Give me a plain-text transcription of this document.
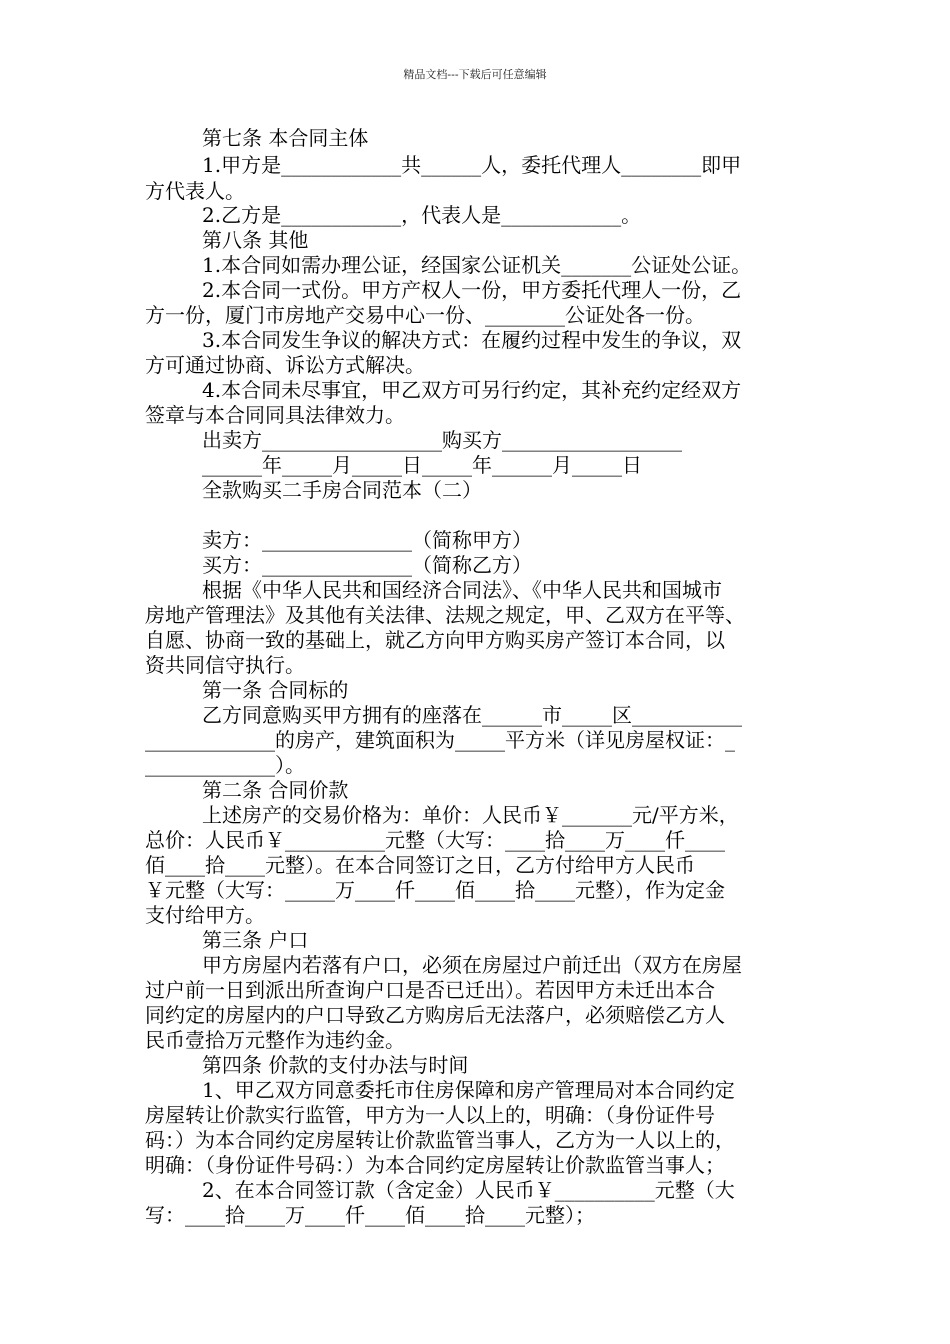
精品文档---下载后可任意编辑
第七条 本合同主体
1.甲方是____________共______人，委托代理人________即甲
方代表人。
2.乙方是____________，代表人是____________。
第八条 其他
1.本合同如需办理公证，经国家公证机关_______公证处公证。
2.本合同一式份。甲方产权人一份，甲方委托代理人一份，乙
方一份，厦门市房地产交易中心一份、________公证处各一份。
3.本合同发生争议的解决方式：在履约过程中发生的争议，双
方可通过协商、诉讼方式解决。
4.本合同未尽事宜，甲乙双方可另行约定，其补充约定经双方
签章与本合同同具法律效力。
出卖方__________________购买方__________________
______年_____月_____日_____年______月_____日
全款购买二手房合同范本（二）
卖方：_______________（简称甲方）
买方：_______________（简称乙方）
根据《中华人民共和国经济合同法》、《中华人民共和国城市
房地产管理法》及其他有关法律、法规之规定，甲、乙双方在平等、
自愿、协商一致的基础上，就乙方向甲方购买房产签订本合同，以
资共同信守执行。
第一条 合同标的
乙方同意购买甲方拥有的座落在______市_____区___________
_____________的房产，建筑面积为_____平方米（详见房屋权证：_
_____________）。
第二条 合同价款
上述房产的交易价格为：单价：人民币￥_______元/平方米，
总价：人民币￥__________元整（大写：____拾____万____仟____
佰____拾____元整）。在本合同签订之日，乙方付给甲方人民币
￥元整（大写：_____万____仟____佰____拾____元整），作为定金
支付给甲方。
第三条 户口
甲方房屋内若落有户口，必须在房屋过户前迁出（双方在房屋
过户前一日到派出所查询户口是否已迁出）。若因甲方未迁出本合
同约定的房屋内的户口导致乙方购房后无法落户，必须赔偿乙方人
民币壹拾万元整作为违约金。
第四条 价款的支付办法与时间
1、甲乙双方同意委托市住房保障和房产管理局对本合同约定
房屋转让价款实行监管，甲方为一人以上的，明确：（身份证件号
码：）为本合同约定房屋转让价款监管当事人，乙方为一人以上的，
明确：（身份证件号码：）为本合同约定房屋转让价款监管当事人；
2、在本合同签订款（含定金）人民币￥__________元整（大
写：____拾____万____仟____佰____拾____元整）；
